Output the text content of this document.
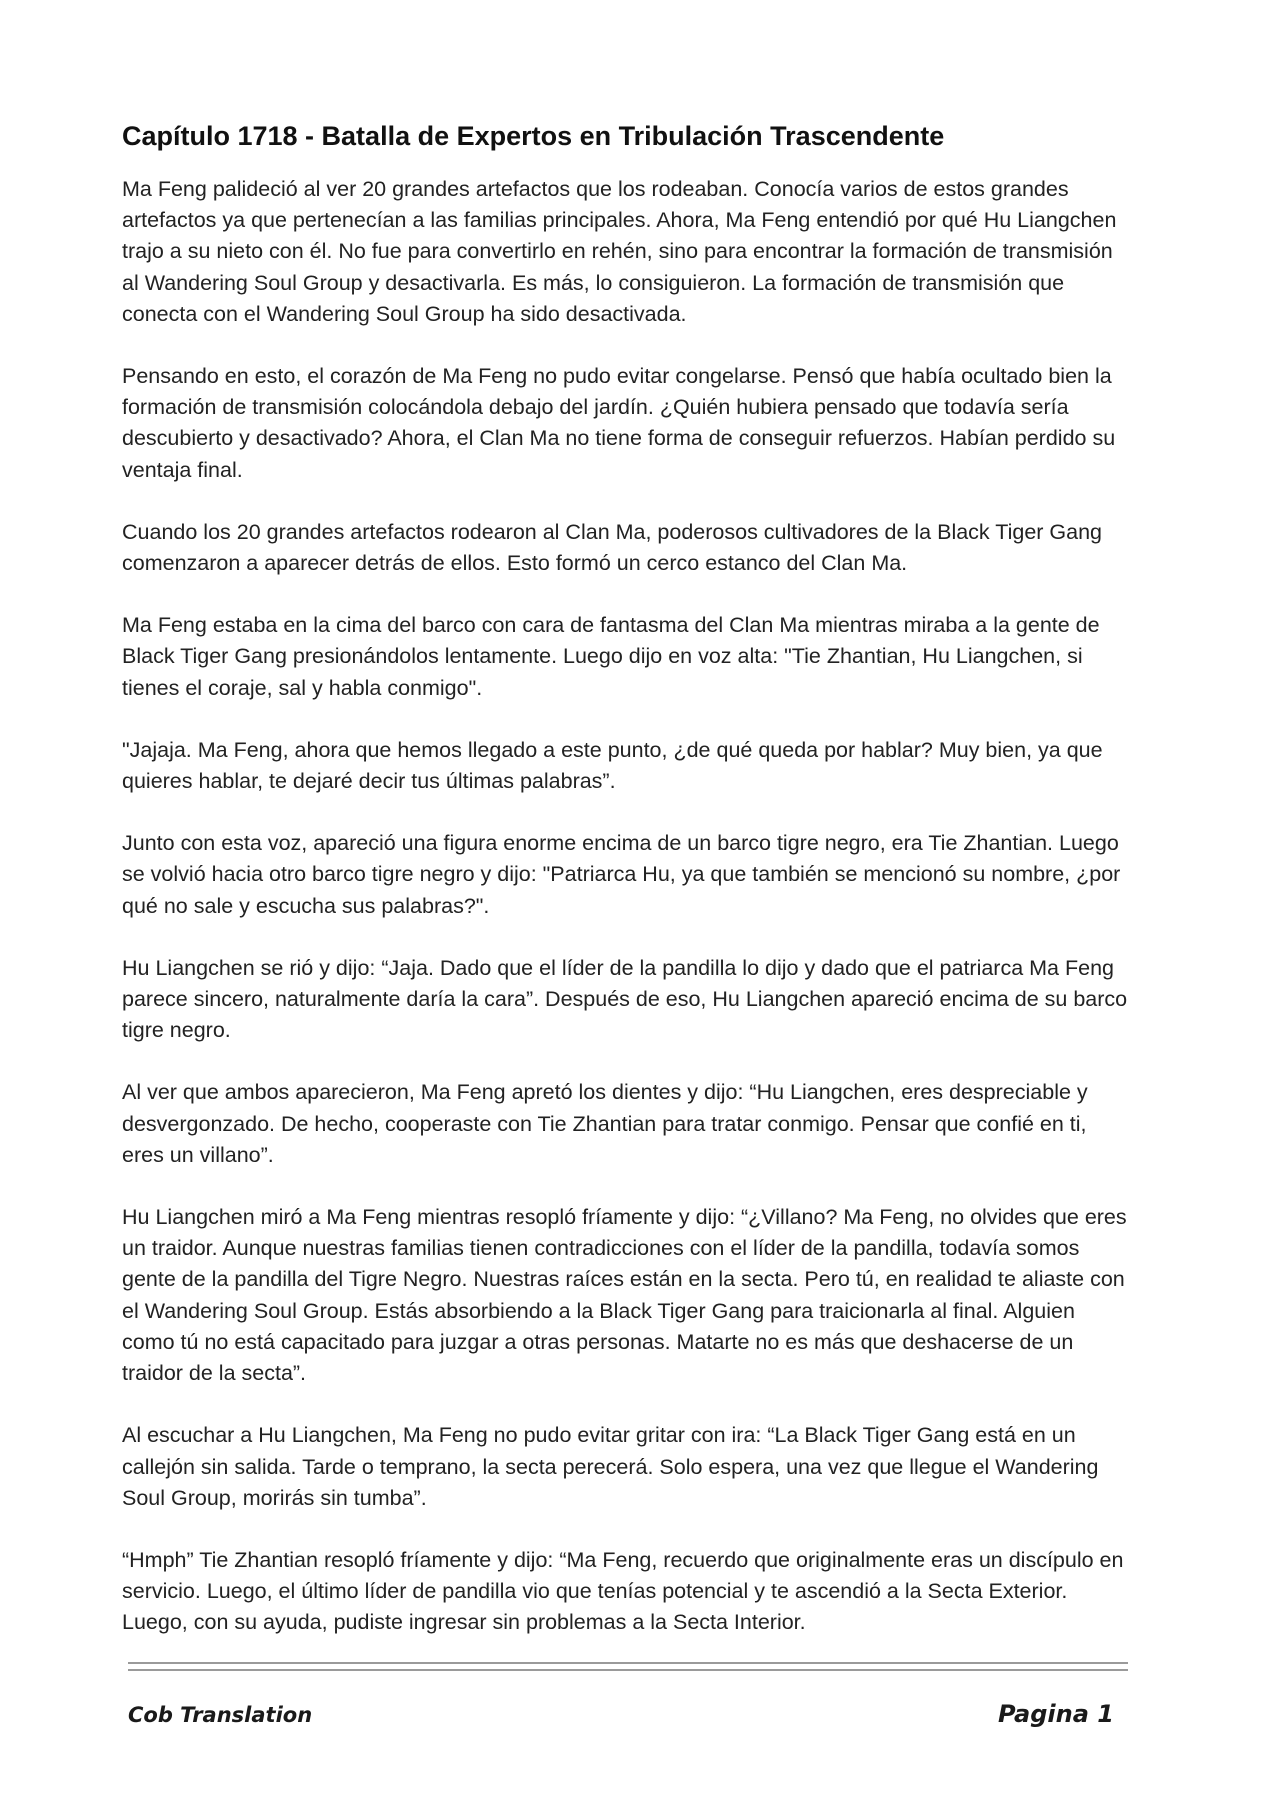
Capítulo 1718 - Batalla de Expertos en Tribulación Trascendente

Ma Feng palideció al ver 20 grandes artefactos que los rodeaban. Conocía varios de estos grandes artefactos ya que pertenecían a las familias principales. Ahora, Ma Feng entendió por qué Hu Liangchen trajo a su nieto con él. No fue para convertirlo en rehén, sino para encontrar la formación de transmisión al Wandering Soul Group y desactivarla. Es más, lo consiguieron. La formación de transmisión que conecta con el Wandering Soul Group ha sido desactivada.

Pensando en esto, el corazón de Ma Feng no pudo evitar congelarse. Pensó que había ocultado bien la formación de transmisión colocándola debajo del jardín. ¿Quién hubiera pensado que todavía sería descubierto y desactivado? Ahora, el Clan Ma no tiene forma de conseguir refuerzos. Habían perdido su ventaja final.

Cuando los 20 grandes artefactos rodearon al Clan Ma, poderosos cultivadores de la Black Tiger Gang comenzaron a aparecer detrás de ellos. Esto formó un cerco estanco del Clan Ma.

Ma Feng estaba en la cima del barco con cara de fantasma del Clan Ma mientras miraba a la gente de Black Tiger Gang presionándolos lentamente. Luego dijo en voz alta: "Tie Zhantian, Hu Liangchen, si tienes el coraje, sal y habla conmigo".

"Jajaja. Ma Feng, ahora que hemos llegado a este punto, ¿de qué queda por hablar? Muy bien, ya que quieres hablar, te dejaré decir tus últimas palabras”.

Junto con esta voz, apareció una figura enorme encima de un barco tigre negro, era Tie Zhantian. Luego se volvió hacia otro barco tigre negro y dijo: "Patriarca Hu, ya que también se mencionó su nombre, ¿por qué no sale y escucha sus palabras?".

Hu Liangchen se rió y dijo: “Jaja. Dado que el líder de la pandilla lo dijo y dado que el patriarca Ma Feng parece sincero, naturalmente daría la cara”. Después de eso, Hu Liangchen apareció encima de su barco tigre negro.

Al ver que ambos aparecieron, Ma Feng apretó los dientes y dijo: “Hu Liangchen, eres despreciable y desvergonzado. De hecho, cooperaste con Tie Zhantian para tratar conmigo. Pensar que confié en ti, eres un villano”.

Hu Liangchen miró a Ma Feng mientras resopló fríamente y dijo: “¿Villano? Ma Feng, no olvides que eres un traidor. Aunque nuestras familias tienen contradicciones con el líder de la pandilla, todavía somos gente de la pandilla del Tigre Negro. Nuestras raíces están en la secta. Pero tú, en realidad te aliaste con el Wandering Soul Group. Estás absorbiendo a la Black Tiger Gang para traicionarla al final. Alguien como tú no está capacitado para juzgar a otras personas. Matarte no es más que deshacerse de un traidor de la secta”.

Al escuchar a Hu Liangchen, Ma Feng no pudo evitar gritar con ira: “La Black Tiger Gang está en un callejón sin salida. Tarde o temprano, la secta perecerá. Solo espera, una vez que llegue el Wandering Soul Group, morirás sin tumba”.

“Hmph” Tie Zhantian resopló fríamente y dijo: “Ma Feng, recuerdo que originalmente eras un discípulo en servicio. Luego, el último líder de pandilla vio que tenías potencial y te ascendió a la Secta Exterior. Luego, con su ayuda, pudiste ingresar sin problemas a la Secta Interior.

Cob Translation	Pagina 1
